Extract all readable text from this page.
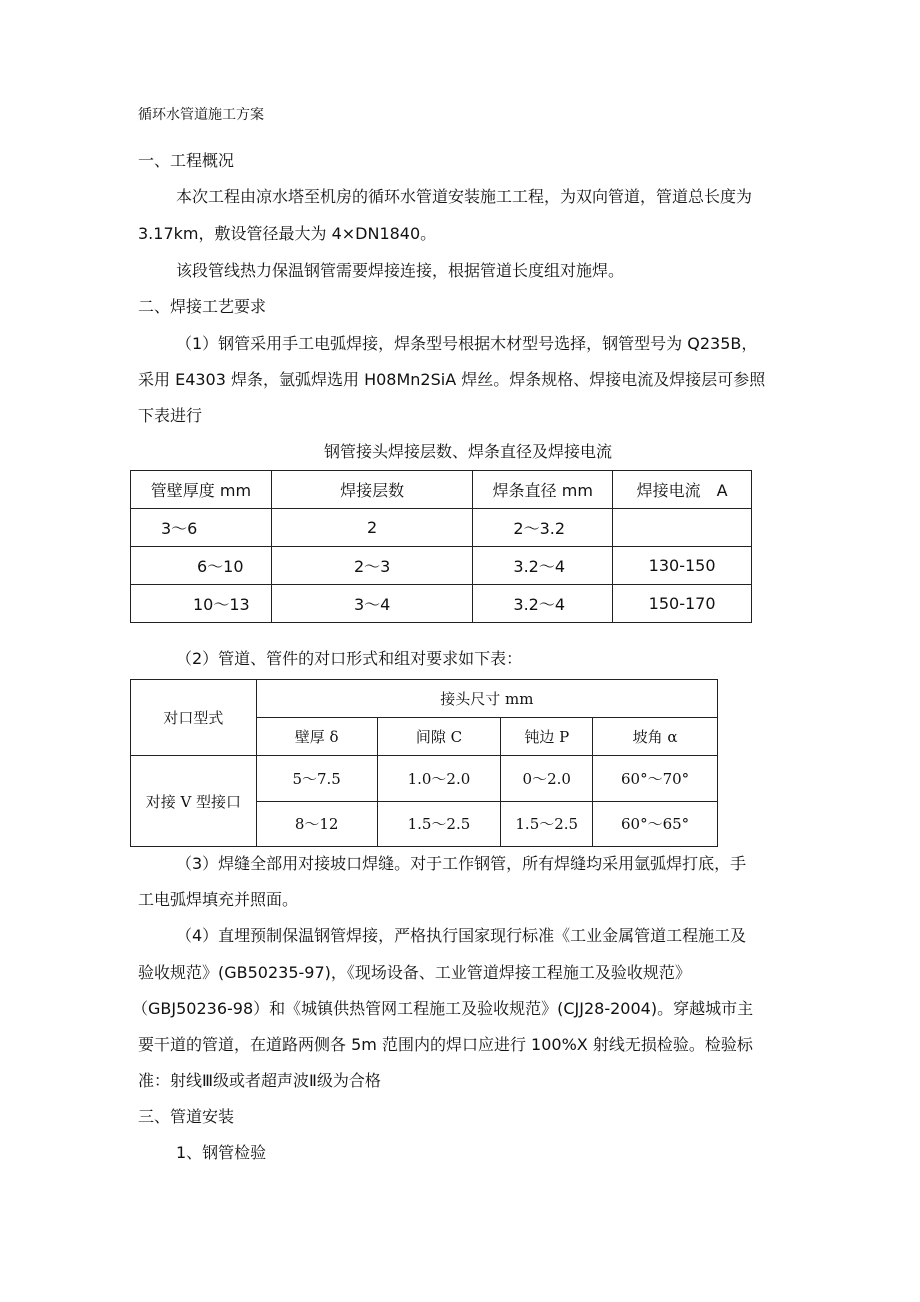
循环水管道施工方案
一、工程概况
本次工程由凉水塔至机房的循环水管道安装施工工程，为双向管道，管道总长度为
3.17km，敷设管径最大为 4×DN1840。
该段管线热力保温钢管需要焊接连接，根据管道长度组对施焊。
二、焊接工艺要求
（1）钢管采用手工电弧焊接，焊条型号根据木材型号选择，钢管型号为 Q235B，
采用 E4303 焊条，氩弧焊选用 H08Mn2SiA 焊丝。焊条规格、焊接电流及焊接层可参照
下表进行
钢管接头焊接层数、焊条直径及焊接电流
管壁厚度 mm	焊接层数	焊条直径 mm	焊接电流　A
3～6	2	2～3.2	
6～10	2～3	3.2～4	130-150
10～13	3～4	3.2～4	150-170
（2）管道、管件的对口形式和组对要求如下表：
对口型式	接头尺寸 mm			
	壁厚 δ	间隙 C	钝边 P	坡角 α
对接 V 型接口	5～7.5	1.0～2.0	0～2.0	60°～70°
	8～12	1.5～2.5	1.5～2.5	60°～65°
（3）焊缝全部用对接坡口焊缝。对于工作钢管，所有焊缝均采用氩弧焊打底，手
工电弧焊填充并照面。
（4）直埋预制保温钢管焊接，严格执行国家现行标准《工业金属管道工程施工及
验收规范》(GB50235-97)，《现场设备、工业管道焊接工程施工及验收规范》
（GBJ50236-98）和《城镇供热管网工程施工及验收规范》(CJJ28-2004)。穿越城市主
要干道的管道，在道路两侧各 5m 范围内的焊口应进行 100%X 射线无损检验。检验标
准：射线Ⅲ级或者超声波Ⅱ级为合格
三、管道安装
1、钢管检验
